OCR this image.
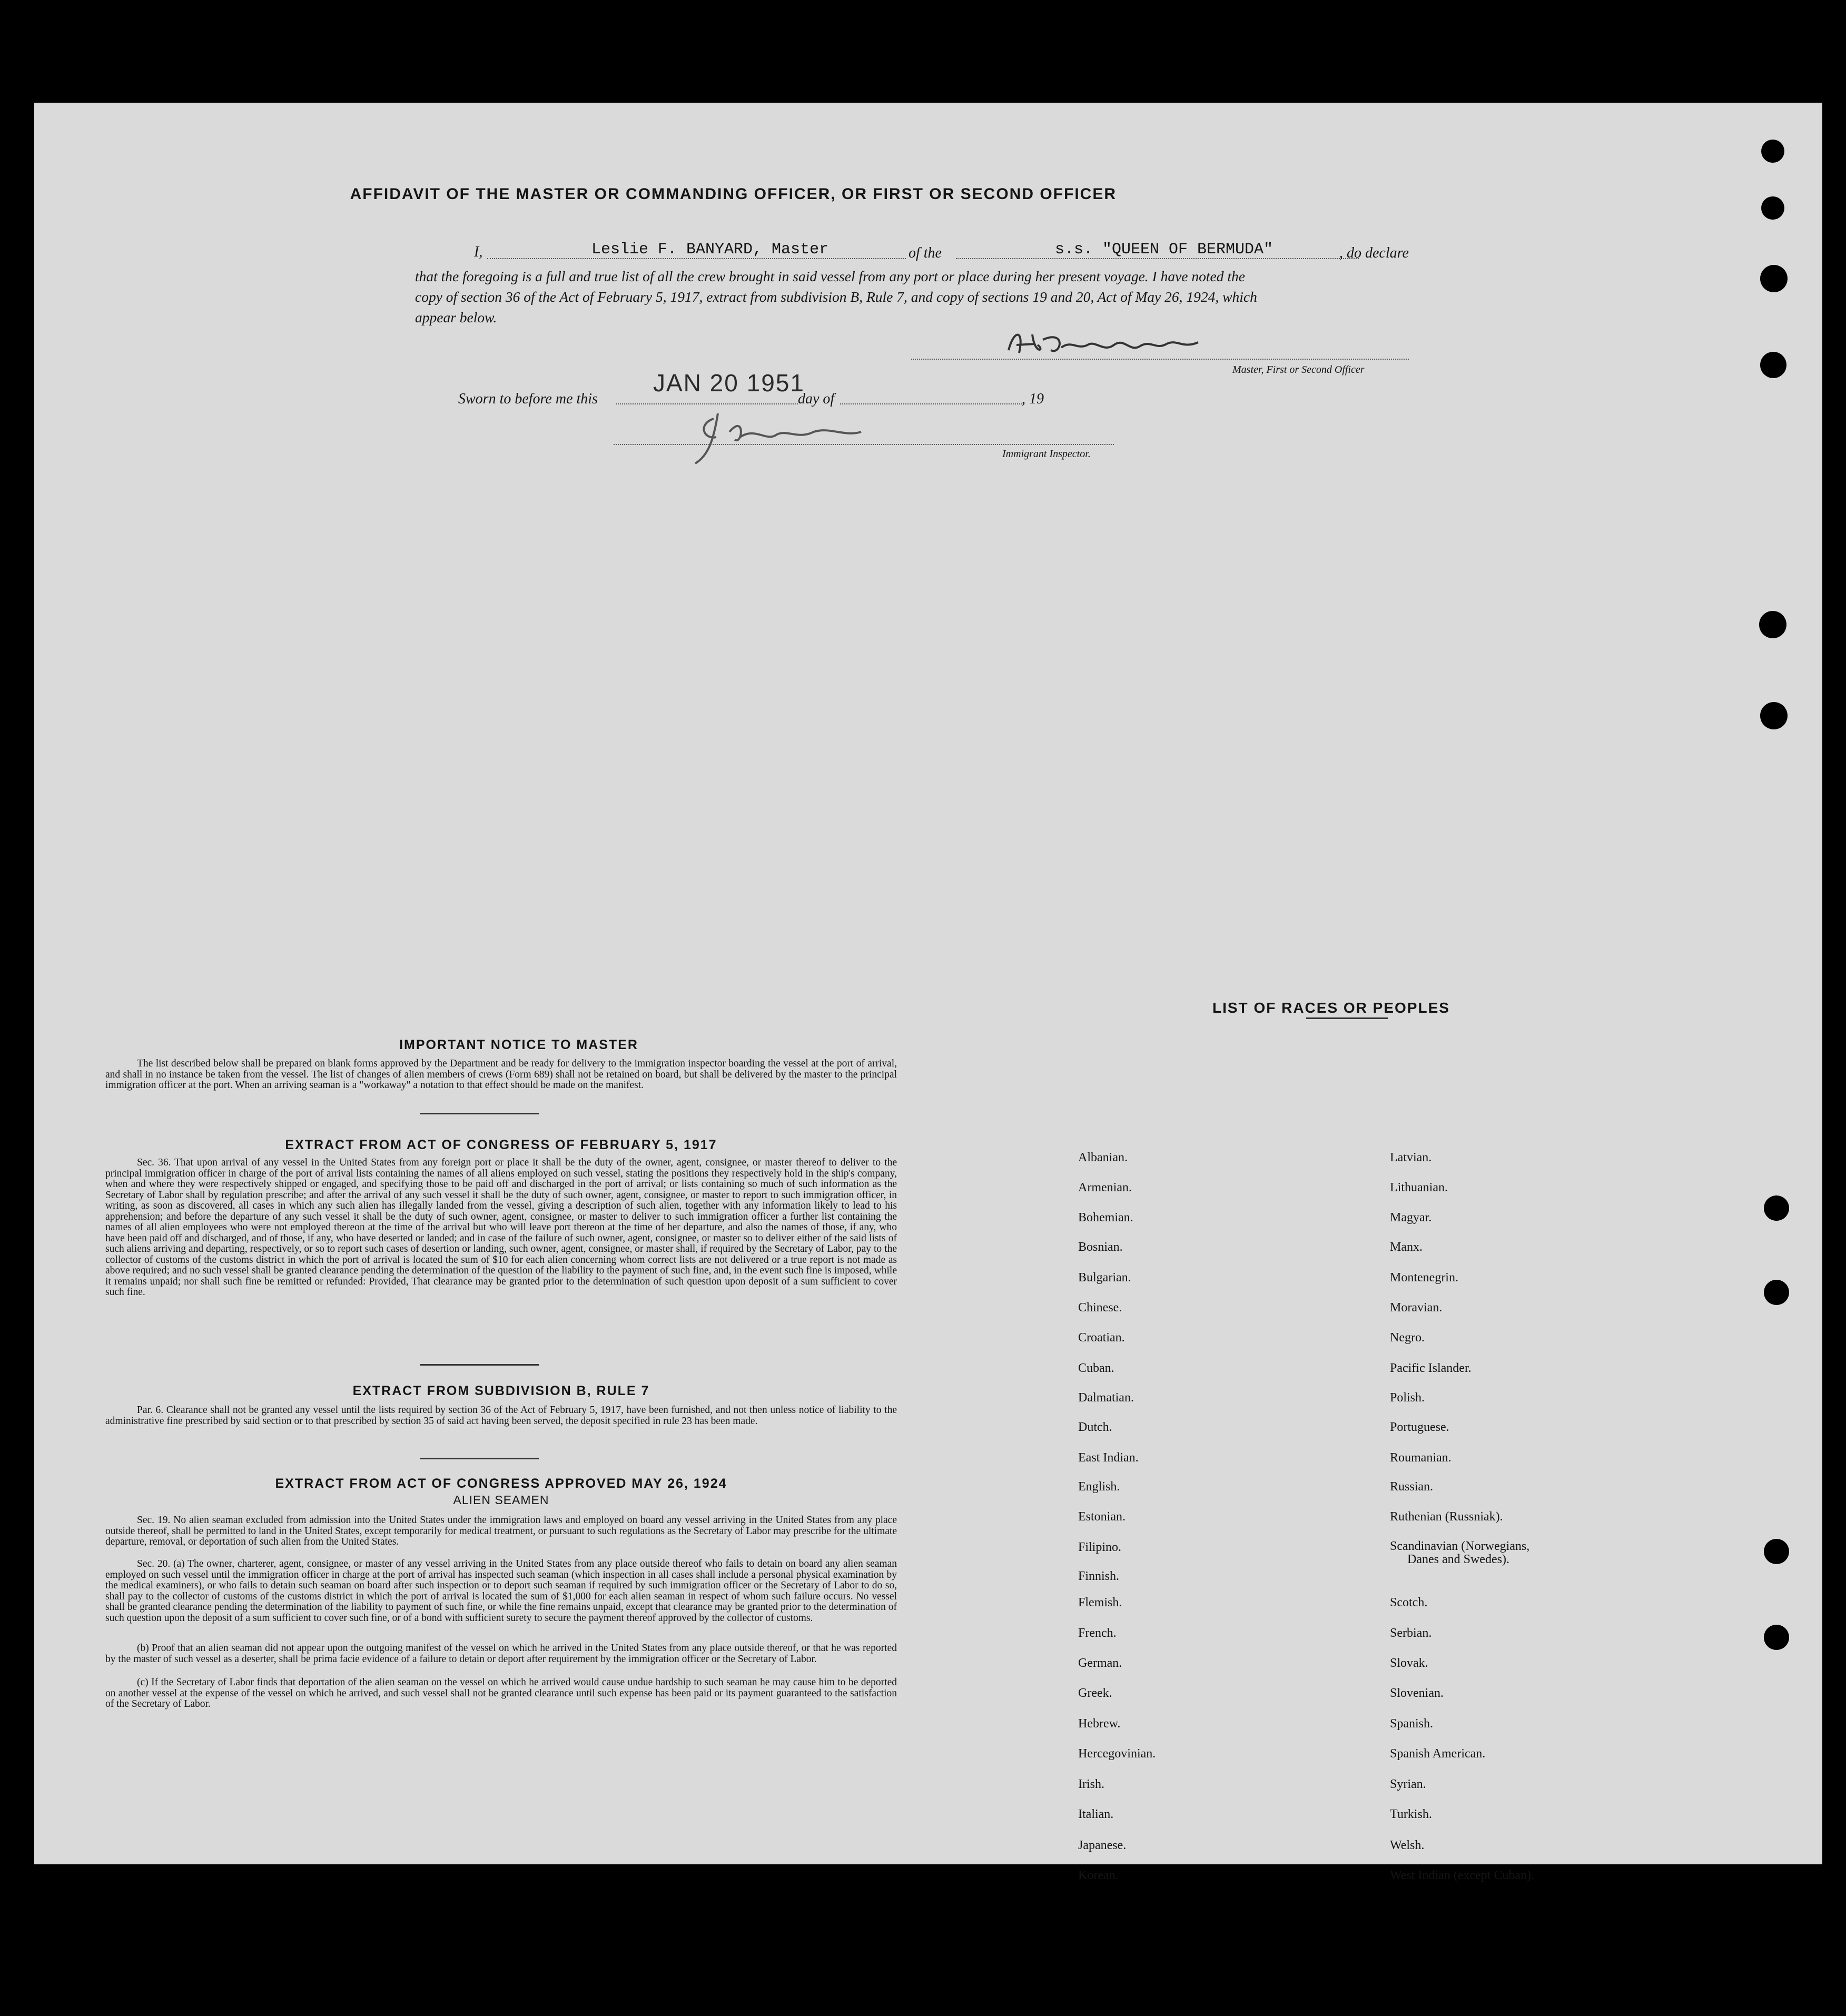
AFFIDAVIT OF THE MASTER OR COMMANDING OFFICER, OR FIRST OR SECOND OFFICER
I,	Leslie F. BANYARD, Master	of the	s.s. "QUEEN OF BERMUDA"	, do declare
that the foregoing is a full and true list of all the crew brought in said vessel from any port or place during her present voyage. I have noted the
copy of section 36 of the Act of February 5, 1917, extract from subdivision B, Rule 7, and copy of sections 19 and 20, Act of May 26, 1924, which
appear below.
Master, First or Second Officer
Sworn to before me this
JAN 20 1951
day of	, 19
Immigrant Inspector.
IMPORTANT NOTICE TO MASTER
The list described below shall be prepared on blank forms approved by the Department and be ready for delivery to the immigration inspector boarding the vessel at the port of arrival, and shall in no instance be taken from the vessel. The list of changes of alien members of crews (Form 689) shall not be retained on board, but shall be delivered by the master to the principal immigration officer at the port. When an arriving seaman is a "workaway" a notation to that effect should be made on the manifest.
EXTRACT FROM ACT OF CONGRESS OF FEBRUARY 5, 1917
Sec. 36. That upon arrival of any vessel in the United States from any foreign port or place it shall be the duty of the owner, agent, consignee, or master thereof to deliver to the principal immigration officer in charge of the port of arrival lists containing the names of all aliens employed on such vessel, stating the positions they respectively hold in the ship's company, when and where they were respectively shipped or engaged, and specifying those to be paid off and discharged in the port of arrival; or lists containing so much of such information as the Secretary of Labor shall by regulation prescribe; and after the arrival of any such vessel it shall be the duty of such owner, agent, consignee, or master to report to such immigration officer, in writing, as soon as discovered, all cases in which any such alien has illegally landed from the vessel, giving a description of such alien, together with any information likely to lead to his apprehension; and before the departure of any such vessel it shall be the duty of such owner, agent, consignee, or master to deliver to such immigration officer a further list containing the names of all alien employees who were not employed thereon at the time of the arrival but who will leave port thereon at the time of her departure, and also the names of those, if any, who have been paid off and discharged, and of those, if any, who have deserted or landed; and in case of the failure of such owner, agent, consignee, or master so to deliver either of the said lists of such aliens arriving and departing, respectively, or so to report such cases of desertion or landing, such owner, agent, consignee, or master shall, if required by the Secretary of Labor, pay to the collector of customs of the customs district in which the port of arrival is located the sum of $10 for each alien concerning whom correct lists are not delivered or a true report is not made as above required; and no such vessel shall be granted clearance pending the determination of the question of the liability to the payment of such fine, and, in the event such fine is imposed, while it remains unpaid; nor shall such fine be remitted or refunded: Provided, That clearance may be granted prior to the determination of such question upon deposit of a sum sufficient to cover such fine.
EXTRACT FROM SUBDIVISION B, RULE 7
Par. 6. Clearance shall not be granted any vessel until the lists required by section 36 of the Act of February 5, 1917, have been furnished, and not then unless notice of liability to the administrative fine prescribed by said section or to that prescribed by section 35 of said act having been served, the deposit specified in rule 23 has been made.
EXTRACT FROM ACT OF CONGRESS APPROVED MAY 26, 1924
ALIEN SEAMEN
Sec. 19. No alien seaman excluded from admission into the United States under the immigration laws and employed on board any vessel arriving in the United States from any place outside thereof, shall be permitted to land in the United States, except temporarily for medical treatment, or pursuant to such regulations as the Secretary of Labor may prescribe for the ultimate departure, removal, or deportation of such alien from the United States.
Sec. 20. (a) The owner, charterer, agent, consignee, or master of any vessel arriving in the United States from any place outside thereof who fails to detain on board any alien seaman employed on such vessel until the immigration officer in charge at the port of arrival has inspected such seaman (which inspection in all cases shall include a personal physical examination by the medical examiners), or who fails to detain such seaman on board after such inspection or to deport such seaman if required by such immigration officer or the Secretary of Labor to do so, shall pay to the collector of customs of the customs district in which the port of arrival is located the sum of $1,000 for each alien seaman in respect of whom such failure occurs. No vessel shall be granted clearance pending the determination of the liability to payment of such fine, or while the fine remains unpaid, except that clearance may be granted prior to the determination of such question upon the deposit of a sum sufficient to cover such fine, or of a bond with sufficient surety to secure the payment thereof approved by the collector of customs.
(b) Proof that an alien seaman did not appear upon the outgoing manifest of the vessel on which he arrived in the United States from any place outside thereof, or that he was reported by the master of such vessel as a deserter, shall be prima facie evidence of a failure to detain or deport after requirement by the immigration officer or the Secretary of Labor.
(c) If the Secretary of Labor finds that deportation of the alien seaman on the vessel on which he arrived would cause undue hardship to such seaman he may cause him to be deported on another vessel at the expense of the vessel on which he arrived, and such vessel shall not be granted clearance until such expense has been paid or its payment guaranteed to the satisfaction of the Secretary of Labor.
LIST OF RACES OR PEOPLES
Albanian.
Armenian.
Bohemian.
Bosnian.
Bulgarian.
Chinese.
Croatian.
Cuban.
Dalmatian.
Dutch.
East Indian.
English.
Estonian.
Filipino.
Finnish.
Flemish.
French.
German.
Greek.
Hebrew.
Hercegovinian.
Irish.
Italian.
Japanese.
Korean.
Latvian.
Lithuanian.
Magyar.
Manx.
Montenegrin.
Moravian.
Negro.
Pacific Islander.
Polish.
Portuguese.
Roumanian.
Russian.
Ruthenian (Russniak).
Scandinavian (Norwegians,
Danes and Swedes).
Scotch.
Serbian.
Slovak.
Slovenian.
Spanish.
Spanish American.
Syrian.
Turkish.
Welsh.
West Indian (except Cuban).
